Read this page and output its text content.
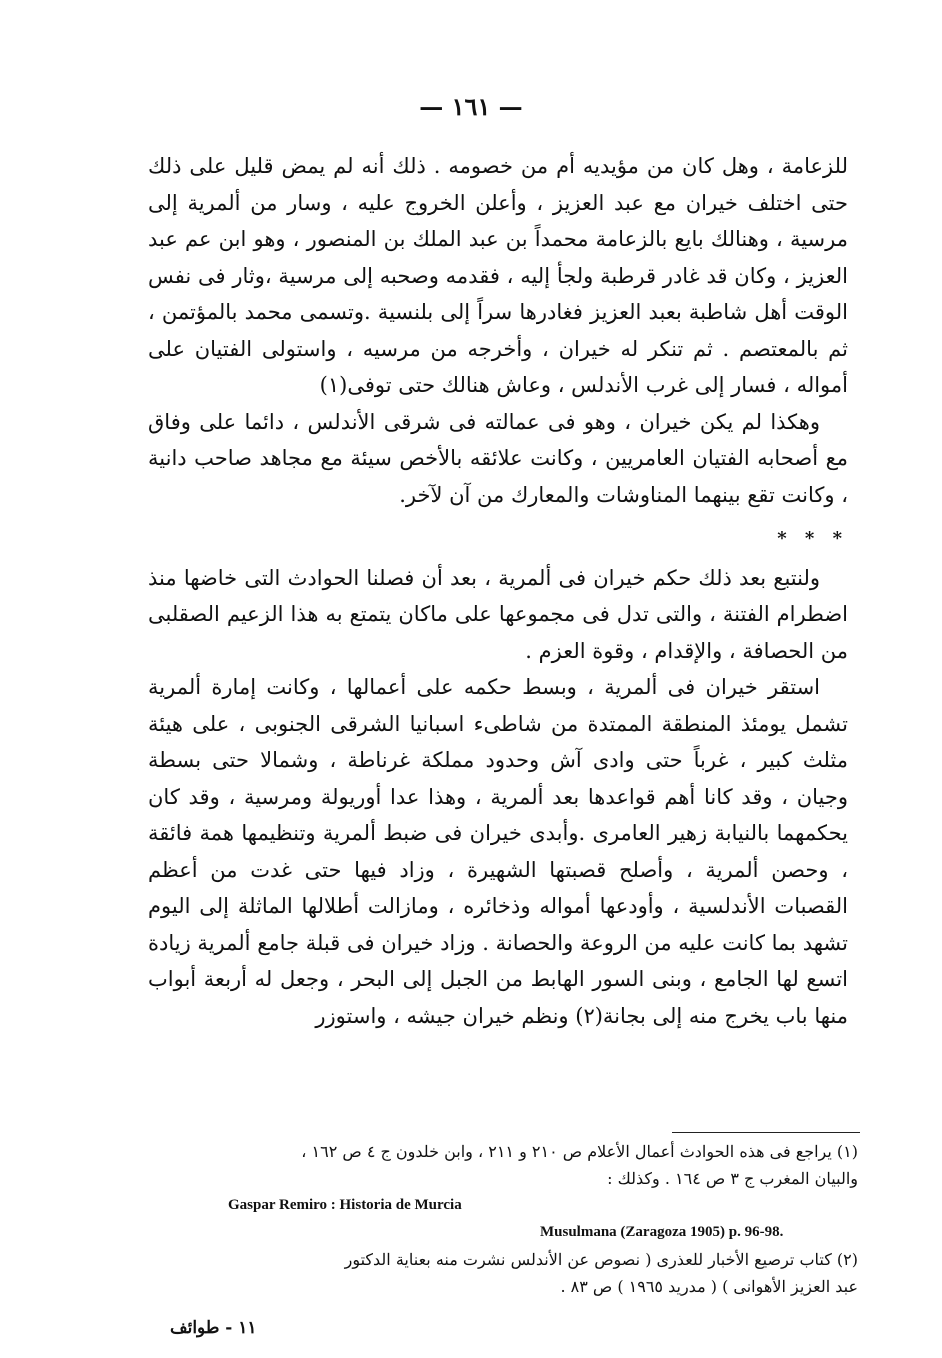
— ١٦١ —

للزعامة ، وهل كان من مؤيديه أم من خصومه . ذلك أنه لم يمض قليل على ذلك حتى اختلف خيران مع عبد العزيز ، وأعلن الخروج عليه ، وسار من ألمرية إلى مرسية ، وهنالك بايع بالزعامة محمداً بن عبد الملك بن المنصور ، وهو ابن عم عبد العزيز ، وكان قد غادر قرطبة ولجأ إليه ، فقدمه وصحبه إلى مرسية ،وثار فى نفس الوقت أهل شاطبة بعبد العزيز فغادرها سراً إلى بلنسية .وتسمى محمد بالمؤتمن ، ثم بالمعتصم . ثم تنكر له خيران ، وأخرجه من مرسيه ، واستولى الفتيان على أمواله ، فسار إلى غرب الأندلس ، وعاش هنالك حتى توفى(١)

وهكذا لم يكن خيران ، وهو فى عمالته فى شرقى الأندلس ، دائما على وفاق مع أصحابه الفتيان العامريين ، وكانت علائقه بالأخص سيئة مع مجاهد صاحب دانية ، وكانت تقع بينهما المناوشات والمعارك من آن لآخر.

* * *

ولنتبع بعد ذلك حكم خيران فى ألمرية ، بعد أن فصلنا الحوادث التى خاضها منذ اضطرام الفتنة ، والتى تدل فى مجموعها على ماكان يتمتع به هذا الزعيم الصقلبى من الحصافة ، والإقدام ، وقوة العزم .

استقر خيران فى ألمرية ، وبسط حكمه على أعمالها ، وكانت إمارة ألمرية تشمل يومئذ المنطقة الممتدة من شاطىء اسبانيا الشرقى الجنوبى ، على هيئة مثلث كبير ، غرباً حتى وادى آش وحدود مملكة غرناطة ، وشمالا حتى بسطة وجيان ، وقد كانا أهم قواعدها بعد ألمرية ، وهذا عدا أوريولة ومرسية ، وقد كان يحكمهما بالنيابة زهير العامرى .وأبدى خيران فى ضبط ألمرية وتنظيمها همة فائقة ، وحصن ألمرية ، وأصلح قصبتها الشهيرة ، وزاد فيها حتى غدت من أعظم القصبات الأندلسية ، وأودعها أمواله وذخائره ، ومازالت أطلالها الماثلة إلى اليوم تشهد بما كانت عليه من الروعة والحصانة . وزاد خيران فى قبلة جامع ألمرية زيادة اتسع لها الجامع ، وبنى السور الهابط من الجبل إلى البحر ، وجعل له أربعة أبواب منها باب يخرج منه إلى بجانة(٢) ونظم خيران جيشه ، واستوزر

(١) يراجع فى هذه الحوادث أعمال الأعلام ص ٢١٠ و ٢١١ ، وابن خلدون ج ٤ ص ١٦٢ ،

والبيان المغرب ج ٣ ص ١٦٤ . وكذلك :

Gaspar Remiro : Historia de Murcia

Musulmana (Zaragoza 1905) p. 96-98.

(٢) كتاب ترصيع الأخبار للعذرى ( نصوص عن الأندلس نشرت منه بعناية الدكتور

عبد العزيز الأهوانى ) ( مدريد ١٩٦٥ ) ص ٨٣ .

١١ - طوائف
